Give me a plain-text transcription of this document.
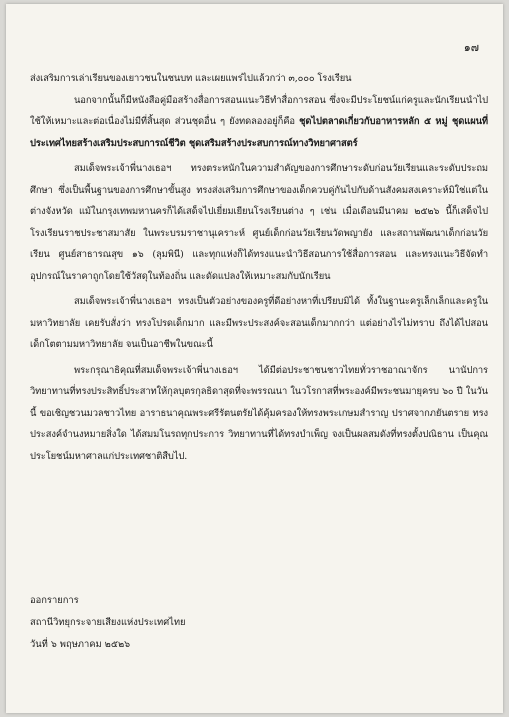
๑๗

ส่งเสริมการเล่าเรียนของเยาวชนในชนบท และเผยแพร่ไปแล้วกว่า ๓,๐๐๐ โรงเรียน

นอกจากนั้นก็มีหนังสือคู่มือสร้างสื่อการสอนแนะวิธีทำสื่อการสอน ซึ่งจะมีประโยชน์แก่ครูและนักเรียนนำไปใช้ให้เหมาะและต่อเนื่องไม่มีที่สิ้นสุด ส่วนชุดอื่น ๆ ยังทดลองอยู่ก็คือ ชุดไปตลาดเกี่ยวกับอาหารหลัก ๕ หมู่ ชุดแผนที่ประเทศไทยสร้างเสริมประสบการณ์ชีวิต ชุดเสริมสร้างประสบการณ์ทางวิทยาศาสตร์

สมเด็จพระเจ้าพี่นางเธอฯ ทรงตระหนักในความสำคัญของการศึกษาระดับก่อนวัยเรียนและระดับประถมศึกษา ซึ่งเป็นพื้นฐานของการศึกษาขั้นสูง ทรงส่งเสริมการศึกษาของเด็กควบคู่กันไปกับด้านสังคมสงเคราะห์มิใช่แต่ในต่างจังหวัด แม้ในกรุงเทพมหานครก็ได้เสด็จไปเยี่ยมเยียนโรงเรียนต่าง ๆ เช่น เมื่อเดือนมีนาคม ๒๕๒๖ นี้ก็เสด็จไปโรงเรียนราชประชาสมาสัย ในพระบรมราชานุเคราะห์ ศูนย์เด็กก่อนวัยเรียนวัดพญายัง และสถานพัฒนาเด็กก่อนวัยเรียน ศูนย์สาธารณสุข ๑๖ (ลุมพินี) และทุกแห่งก็ได้ทรงแนะนำวิธีสอนการใช้สื่อการสอน และทรงแนะวิธีจัดทำอุปกรณ์ในราคาถูกโดยใช้วัสดุในท้องถิ่น และดัดแปลงให้เหมาะสมกับนักเรียน

สมเด็จพระเจ้าพี่นางเธอฯ ทรงเป็นตัวอย่างของครูที่ดีอย่างหาที่เปรียบมิได้ ทั้งในฐานะครูเล็กเล็กและครูในมหาวิทยาลัย เคยรับสั่งว่า ทรงโปรดเด็กมาก และมีพระประสงค์จะสอนเด็กมากกว่า แต่อย่างไรไม่ทราบ ถึงได้ไปสอนเด็กโตตามมหาวิทยาลัย จนเป็นอาชีพในขณะนี้

พระกรุณาธิคุณที่สมเด็จพระเจ้าพี่นางเธอฯ ได้มีต่อประชาชนชาวไทยทั่วราชอาณาจักร นานัปการ วิทยาทานที่ทรงประสิทธิ์ประสาทให้กุลบุตรกุลธิดาสุดที่จะพรรณนา ในวโรกาสที่พระองค์มีพระชนมายุครบ ๖๐ ปี ในวันนี้ ขอเชิญชวนมวลชาวไทย อาราธนาคุณพระศรีรัตนตรัยได้คุ้มครองให้ทรงพระเกษมสำราญ ปราศจากภยันตราย ทรงประสงค์จำนงหมายสิ่งใด ได้สมมโนรถทุกประการ วิทยาทานที่ได้ทรงบำเพ็ญ จงเป็นผลสมดังที่ทรงตั้งปณิธาน เป็นคุณประโยชน์มหาศาลแก่ประเทศชาติสืบไป.

ออกรายการ
สถานีวิทยุกระจายเสียงแห่งประเทศไทย
วันที่ ๖ พฤษภาคม ๒๕๒๖
